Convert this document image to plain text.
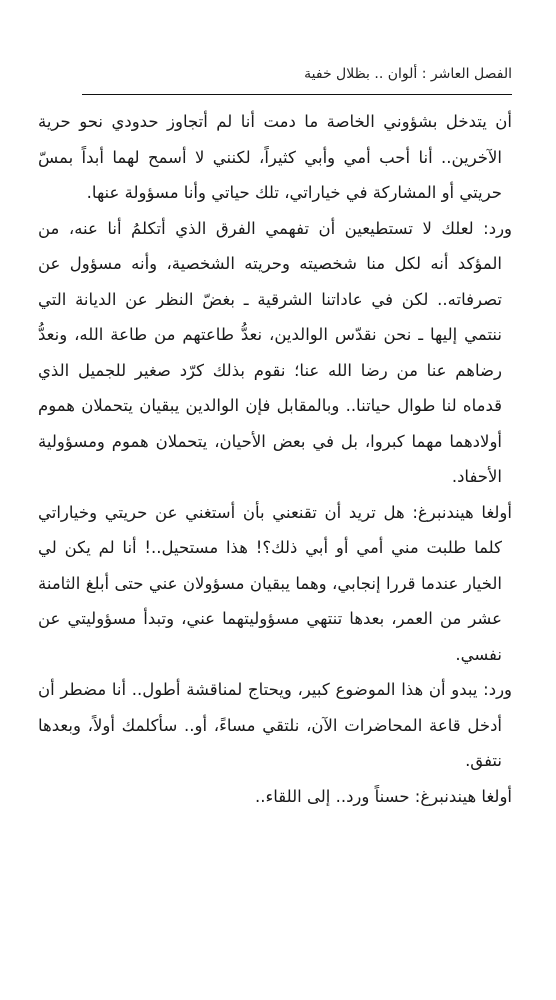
الفصل العاشر : ألوان .. بظلال خفية

أن يتدخل بشؤوني الخاصة ما دمت أنا لم أتجاوز حدودي نحو حرية الآخرين.. أنا أحب أمي وأبي كثيراً، لكنني لا أسمح لهما أبداً بمسّ حريتي أو المشاركة في خياراتي، تلك حياتي وأنا مسؤولة عنها.

ورد: لعلك لا تستطيعين أن تفهمي الفرق الذي أتكلمُ أنا عنه، من المؤكد أنه لكل منا شخصيته وحريته الشخصية، وأنه مسؤول عن تصرفاته.. لكن في عاداتنا الشرقية ـ بغضّ النظر عن الديانة التي ننتمي إليها ـ نحن نقدّس الوالدين، نعدُّ طاعتهم من طاعة الله، ونعدُّ رضاهم عنا من رضا الله عنا؛ نقوم بذلك كرّد صغير للجميل الذي قدماه لنا طوال حياتنا.. وبالمقابل فإن الوالدين يبقيان يتحملان هموم أولادهما مهما كبروا، بل في بعض الأحيان، يتحملان هموم ومسؤولية الأحفاد.

أولغا هيندنبرغ: هل تريد أن تقنعني بأن أستغني عن حريتي وخياراتي كلما طلبت مني أمي أو أبي ذلك؟! هذا مستحيل..! أنا لم يكن لي الخيار عندما قررا إنجابي، وهما يبقيان مسؤولان عني حتى أبلغ الثامنة عشر من العمر، بعدها تنتهي مسؤوليتهما عني، وتبدأ مسؤوليتي عن نفسي.

ورد: يبدو أن هذا الموضوع كبير، ويحتاج لمناقشة أطول.. أنا مضطر أن أدخل قاعة المحاضرات الآن، نلتقي مساءً، أو.. سأكلمك أولاً، وبعدها نتفق.

أولغا هيندنبرغ: حسناً ورد.. إلى اللقاء..
